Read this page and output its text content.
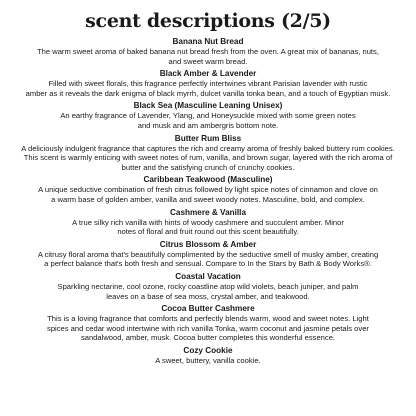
scent descriptions (2/5)
Banana Nut Bread
The warm sweet aroma of baked banana nut bread fresh from the oven. A great mix of bananas, nuts,
and sweet warm bread.
Black Amber & Lavender
Filled with sweet florals, this fragrance perfectly intertwines vibrant Parisian lavender with rustic
amber as it reveals the dark enigma of black myrrh, dulcet vanilla tonka bean, and a touch of Egyptian musk.
Black Sea (Masculine Leaning Unisex)
An earthy fragrance of Lavender, Ylang, and Honeysuckle mixed with some green notes
and musk and am ambergris bottom note.
Butter Rum Bliss
A deliciously indulgent fragrance that captures the rich and creamy aroma of freshly baked buttery rum cookies.
This scent is warmly enticing with sweet notes of rum, vanilla, and brown sugar, layered with the rich aroma of
butter and the satisfying crunch of crunchy cookies.
Caribbean Teakwood (Masculine)
A unique seductive combination of fresh citrus followed by light spice notes of cinnamon and clove on
a warm base of golden amber, vanilla and sweet woody notes. Masculine, bold, and complex.
Cashmere & Vanilla
A true silky rich vanilla with hints of woody cashmere and succulent amber. Minor
notes of floral and fruit round out this scent beautifully.
Citrus Blossom & Amber
A citrusy floral aroma that's beautifully complimented by the seductive smell of musky amber, creating
a perfect balance that's both fresh and sensual. Compare to In the Stars by Bath & Body Works®.
Coastal Vacation
Sparkling nectarine, cool ozone, rocky coastline atop wild violets, beach juniper, and palm
leaves on a base of sea moss, crystal amber, and teakwood.
Cocoa Butter Cashmere
This is a loving fragrance that comforts and perfectly blends warm, wood and sweet notes. Light
spices and cedar wood intertwine with rich vanilla Tonka, warm coconut and jasmine petals over
sandalwood, amber, musk. Cocoa butter completes this wonderful essence.
Cozy Cookie
A sweet, buttery, vanilla cookie.
